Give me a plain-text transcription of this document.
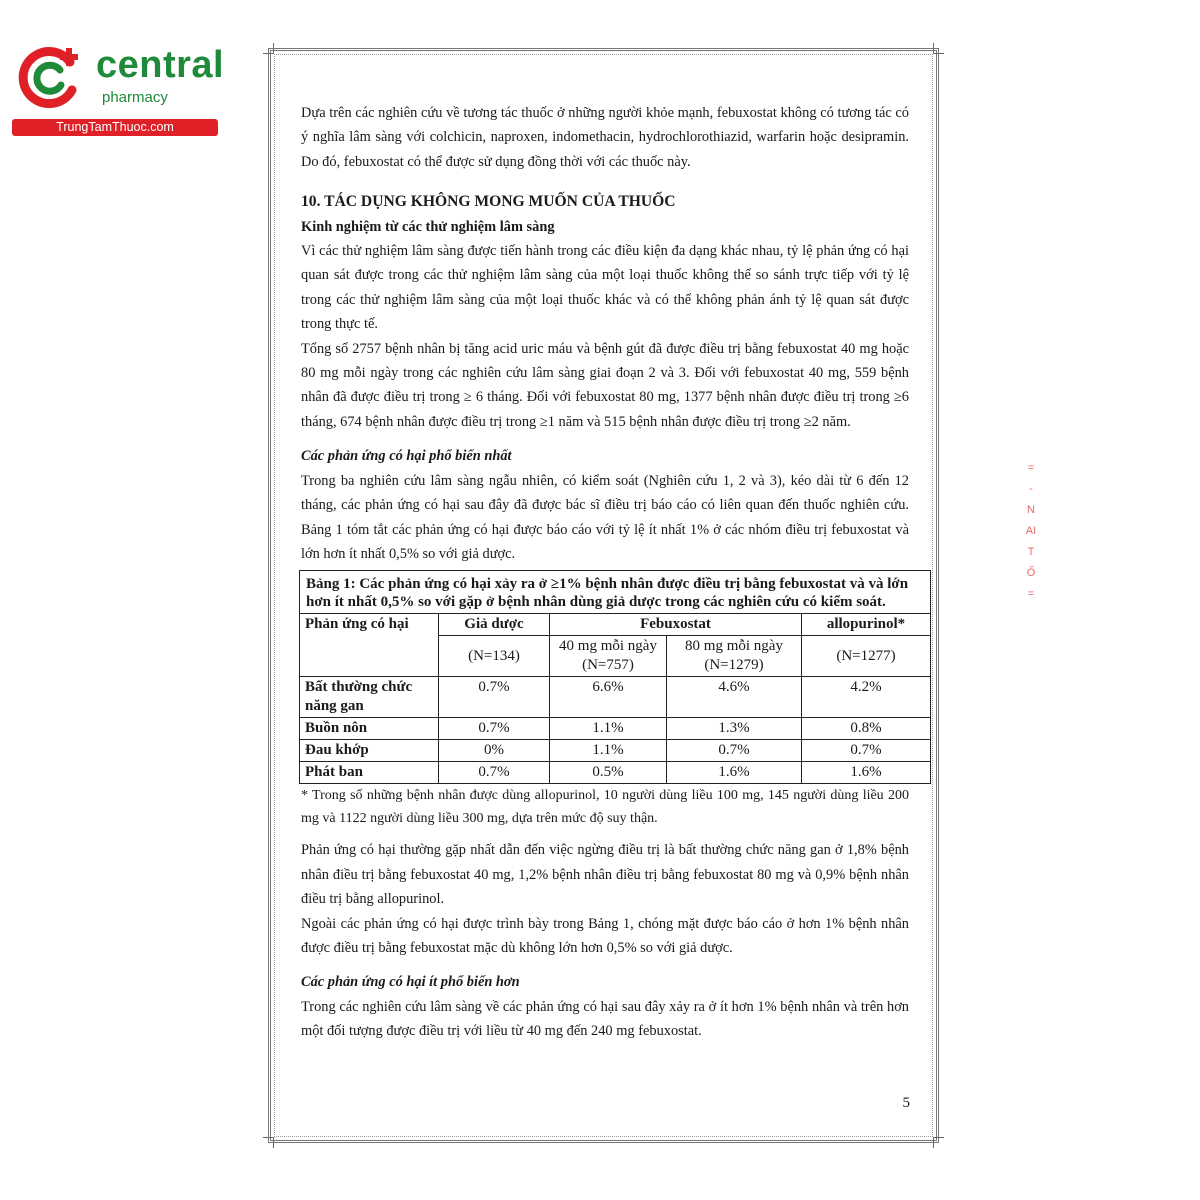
central
pharmacy
TrungTamThuoc.com

Dựa trên các nghiên cứu về tương tác thuốc ở những người khỏe mạnh, febuxostat không có tương tác có ý nghĩa lâm sàng với colchicin, naproxen, indomethacin, hydrochlorothiazid, warfarin hoặc desipramin. Do đó, febuxostat có thể được sử dụng đồng thời với các thuốc này.

10. TÁC DỤNG KHÔNG MONG MUỐN CỦA THUỐC

Kinh nghiệm từ các thử nghiệm lâm sàng

Vì các thử nghiệm lâm sàng được tiến hành trong các điều kiện đa dạng khác nhau, tỷ lệ phản ứng có hại quan sát được trong các thử nghiệm lâm sàng của một loại thuốc không thể so sánh trực tiếp với tỷ lệ trong các thử nghiệm lâm sàng của một loại thuốc khác và có thể không phản ánh tỷ lệ quan sát được trong thực tế.

Tổng số 2757 bệnh nhân bị tăng acid uric máu và bệnh gút đã được điều trị bằng febuxostat 40 mg hoặc 80 mg mỗi ngày trong các nghiên cứu lâm sàng giai đoạn 2 và 3. Đối với febuxostat 40 mg, 559 bệnh nhân đã được điều trị trong ≥ 6 tháng. Đối với febuxostat 80 mg, 1377 bệnh nhân được điều trị trong ≥6 tháng, 674 bệnh nhân được điều trị trong ≥1 năm và 515 bệnh nhân được điều trị trong ≥2 năm.

Các phản ứng có hại phổ biến nhất

Trong ba nghiên cứu lâm sàng ngẫu nhiên, có kiểm soát (Nghiên cứu 1, 2 và 3), kéo dài từ 6 đến 12 tháng, các phản ứng có hại sau đây đã được bác sĩ điều trị báo cáo có liên quan đến thuốc nghiên cứu. Bảng 1 tóm tắt các phản ứng có hại được báo cáo với tỷ lệ ít nhất 1% ở các nhóm điều trị febuxostat và lớn hơn ít nhất 0,5% so với giả dược.

Bảng 1: Các phản ứng có hại xảy ra ở ≥1% bệnh nhân được điều trị bằng febuxostat và và lớn hơn ít nhất 0,5% so với gặp ở bệnh nhân dùng giả dược trong các nghiên cứu có kiểm soát.				
Phản ứng có hại	Giả dược	Febuxostat		allopurinol*
	(N=134)	40 mg mỗi ngày (N=757)	80 mg mỗi ngày (N=1279)	(N=1277)
Bất thường chức năng gan	0.7%	6.6%	4.6%	4.2%
Buồn nôn	0.7%	1.1%	1.3%	0.8%
Đau khớp	0%	1.1%	0.7%	0.7%
Phát ban	0.7%	0.5%	1.6%	1.6%

* Trong số những bệnh nhân được dùng allopurinol, 10 người dùng liều 100 mg, 145 người dùng liều 200 mg và 1122 người dùng liều 300 mg, dựa trên mức độ suy thận.

Phản ứng có hại thường gặp nhất dẫn đến việc ngừng điều trị là bất thường chức năng gan ở 1,8% bệnh nhân điều trị bằng febuxostat 40 mg, 1,2% bệnh nhân điều trị bằng febuxostat 80 mg và 0,9% bệnh nhân điều trị bằng allopurinol.

Ngoài các phản ứng có hại được trình bày trong Bảng 1, chóng mặt được báo cáo ở hơn 1% bệnh nhân được điều trị bằng febuxostat mặc dù không lớn hơn 0,5% so với giả dược.

Các phản ứng có hại ít phổ biến hơn

Trong các nghiên cứu lâm sàng về các phản ứng có hại sau đây xảy ra ở ít hơn 1% bệnh nhân và trên hơn một đối tượng được điều trị với liều từ 40 mg đến 240 mg febuxostat.

5
=
-
N
AI
T
Ő
=
